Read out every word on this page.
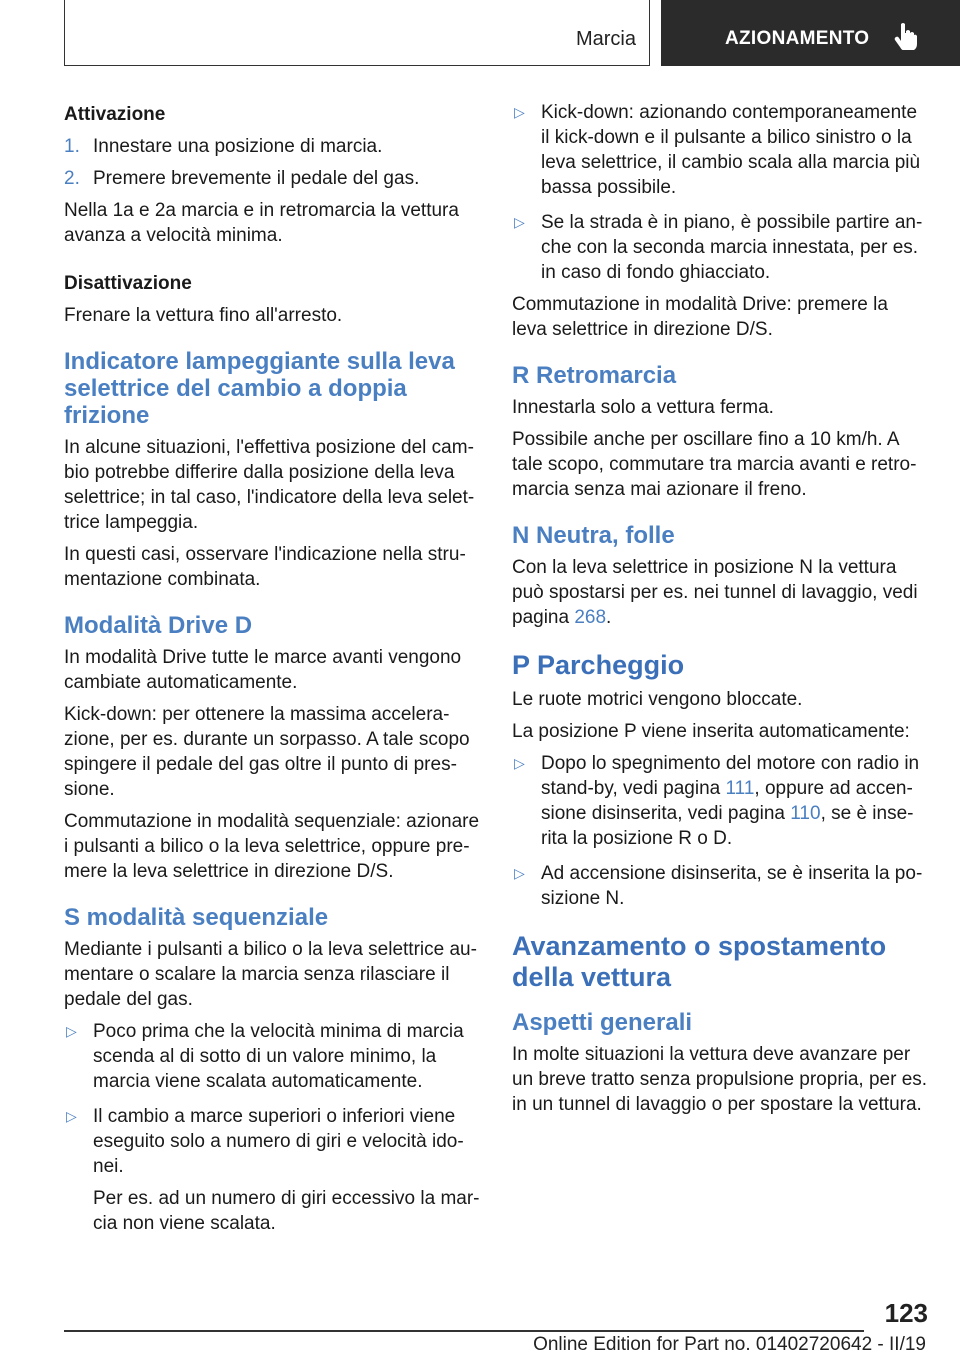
Marcia	AZIONAMENTO
Attivazione
1. Innestare una posizione di marcia.
2. Premere brevemente il pedale del gas.
Nella 1a e 2a marcia e in retromarcia la vettura avanza a velocità minima.
Disattivazione
Frenare la vettura fino all'arresto.
Indicatore lampeggiante sulla leva selettrice del cambio a doppia frizione
In alcune situazioni, l'effettiva posizione del cambio potrebbe differire dalla posizione della leva selettrice; in tal caso, l'indicatore della leva selettrice lampeggia.
In questi casi, osservare l'indicazione nella strumentazione combinata.
Modalità Drive D
In modalità Drive tutte le marce avanti vengono cambiate automaticamente.
Kick-down: per ottenere la massima accelerazione, per es. durante un sorpasso. A tale scopo spingere il pedale del gas oltre il punto di pressione.
Commutazione in modalità sequenziale: azionare i pulsanti a bilico o la leva selettrice, oppure premere la leva selettrice in direzione D/S.
S modalità sequenziale
Mediante i pulsanti a bilico o la leva selettrice aumentare o scalare la marcia senza rilasciare il pedale del gas.
▷ Poco prima che la velocità minima di marcia scenda al di sotto di un valore minimo, la marcia viene scalata automaticamente.
▷ Il cambio a marce superiori o inferiori viene eseguito solo a numero di giri e velocità idonei.
Per es. ad un numero di giri eccessivo la marcia non viene scalata.
▷ Kick-down: azionando contemporaneamente il kick-down e il pulsante a bilico sinistro o la leva selettrice, il cambio scala alla marcia più bassa possibile.
▷ Se la strada è in piano, è possibile partire anche con la seconda marcia innestata, per es. in caso di fondo ghiacciato.
Commutazione in modalità Drive: premere la leva selettrice in direzione D/S.
R Retromarcia
Innestarla solo a vettura ferma.
Possibile anche per oscillare fino a 10 km/h. A tale scopo, commutare tra marcia avanti e retromarcia senza mai azionare il freno.
N Neutra, folle
Con la leva selettrice in posizione N la vettura può spostarsi per es. nei tunnel di lavaggio, vedi pagina 268.
P Parcheggio
Le ruote motrici vengono bloccate.
La posizione P viene inserita automaticamente:
▷ Dopo lo spegnimento del motore con radio in stand-by, vedi pagina 111, oppure ad accensione disinserita, vedi pagina 110, se è inserita la posizione R o D.
▷ Ad accensione disinserita, se è inserita la posizione N.
Avanzamento o spostamento della vettura
Aspetti generali
In molte situazioni la vettura deve avanzare per un breve tratto senza propulsione propria, per es. in un tunnel di lavaggio o per spostare la vettura.
123
Online Edition for Part no. 01402720642 - II/19
